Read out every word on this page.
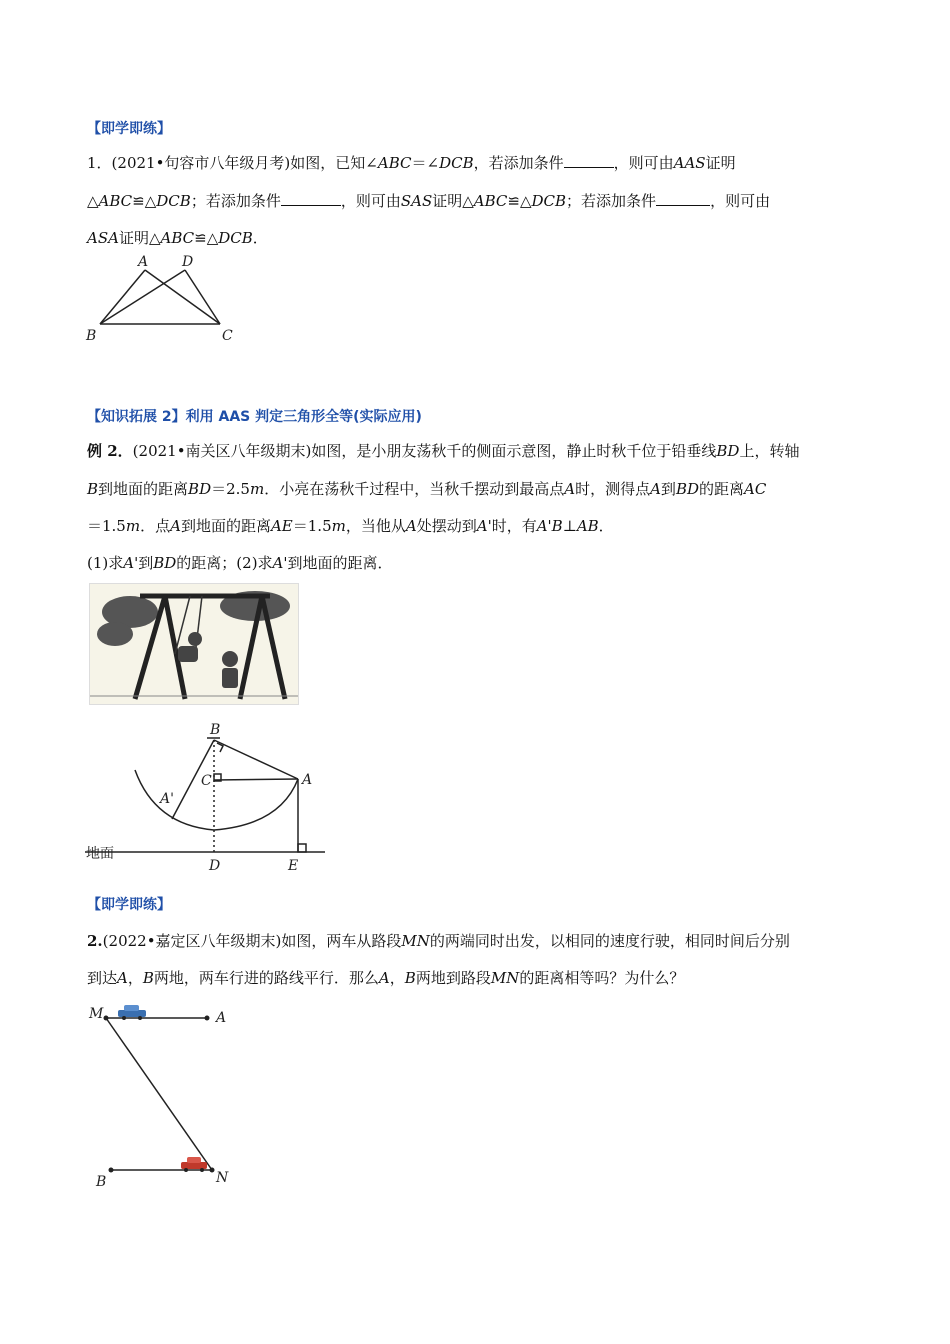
【即学即练】
1．(2021•句容市八年级月考)如图，已知∠ABC＝∠DCB，若添加条件	，则可由AAS证明
△ABC≌△DCB；若添加条件	，则可由SAS证明△ABC≌△DCB；若添加条件	，则可由
ASA证明△ABC≌△DCB．
A D
B	C
【知识拓展 2】利用 AAS 判定三角形全等(实际应用)
例 2．(2021•南关区八年级期末)如图，是小朋友荡秋千的侧面示意图，静止时秋千位于铅垂线BD上，转轴
B到地面的距离BD＝2.5m．小亮在荡秋千过程中，当秋千摆动到最高点A时，测得点A到BD的距离AC
＝1.5m．点A到地面的距离AE＝1.5m，当他从A处摆动到A'时，有A'B⊥AB．
(1)求A'到BD的距离；(2)求A'到地面的距离．
B
C	A
A'
D	E
地面
【即学即练】
2.(2022•嘉定区八年级期末)如图，两车从路段MN的两端同时出发，以相同的速度行驶，相同时间后分别
到达A，B两地，两车行进的路线平行．那么A，B两地到路段MN的距离相等吗？为什么？
M	A
B	N
